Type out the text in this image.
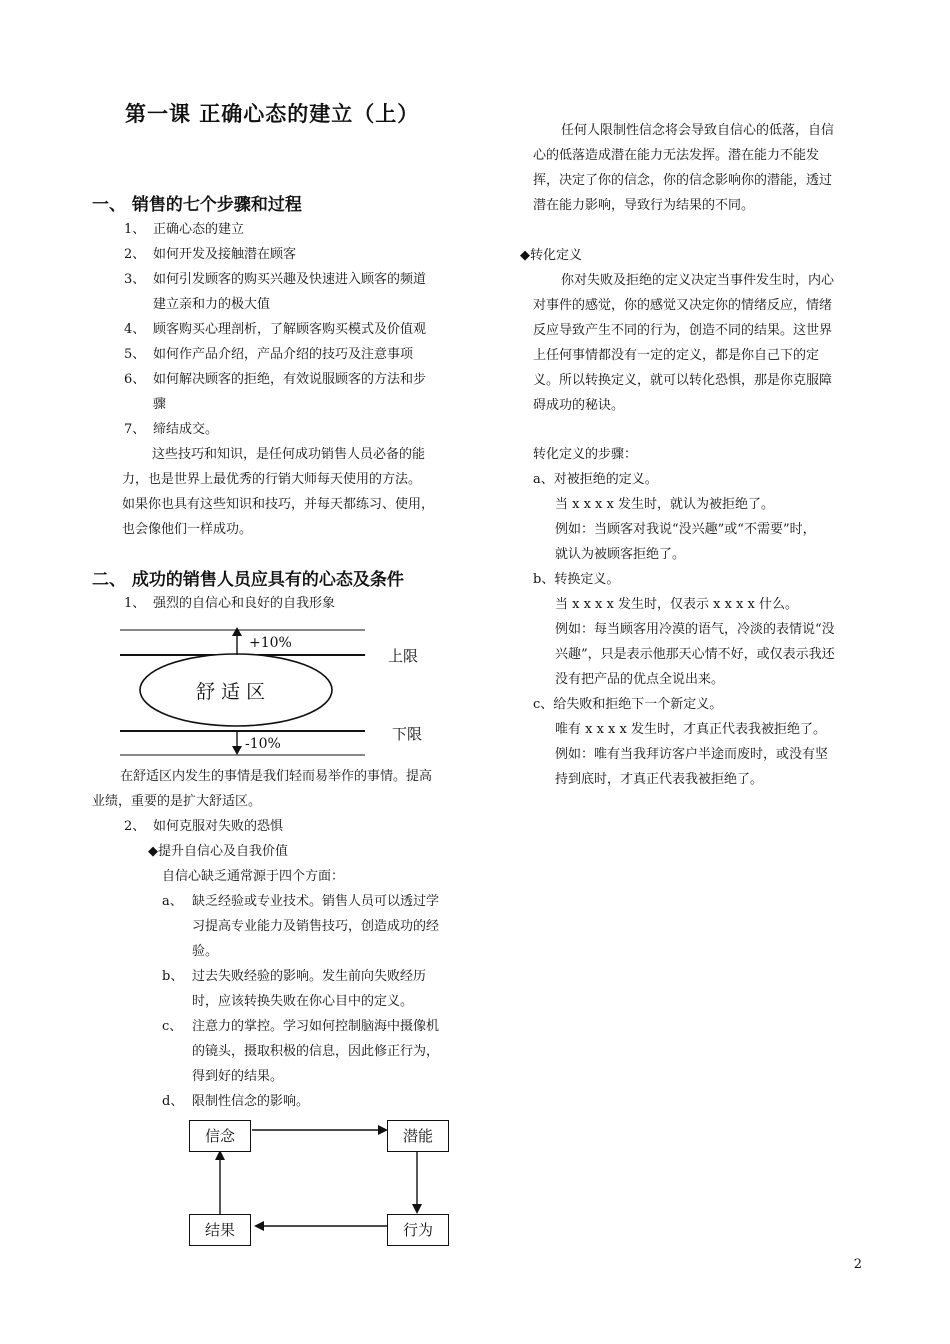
第一课 正确心态的建立（上）
一、 销售的七个步骤和过程
1、 正确心态的建立
2、 如何开发及接触潜在顾客
3、 如何引发顾客的购买兴趣及快速进入顾客的频道
建立亲和力的极大值
4、 顾客购买心理剖析，了解顾客购买模式及价值观
5、 如何作产品介绍，产品介绍的技巧及注意事项
6、 如何解决顾客的拒绝，有效说服顾客的方法和步
骤
7、 缔结成交。
这些技巧和知识，是任何成功销售人员必备的能
力，也是世界上最优秀的行销大师每天使用的方法。
如果你也具有这些知识和技巧，并每天都练习、使用，
也会像他们一样成功。
二、 成功的销售人员应具有的心态及条件
1、 强烈的自信心和良好的自我形象
+10%
-10%
舒 适 区
上限
下限
在舒适区内发生的事情是我们轻而易举作的事情。提高
业绩，重要的是扩大舒适区。
2、 如何克服对失败的恐惧
◆提升自信心及自我价值
自信心缺乏通常源于四个方面：
a、 缺乏经验或专业技术。销售人员可以透过学
习提高专业能力及销售技巧，创造成功的经
验。
b、 过去失败经验的影响。发生前向失败经历
时，应该转换失败在你心目中的定义。
c、 注意力的掌控。学习如何控制脑海中摄像机
的镜头，摄取积极的信息，因此修正行为，
得到好的结果。
d、 限制性信念的影响。
信念	潜能
行为
结果
任何人限制性信念将会导致自信心的低落，自信
心的低落造成潜在能力无法发挥。潜在能力不能发
挥，决定了你的信念，你的信念影响你的潜能，透过
潜在能力影响，导致行为结果的不同。
◆转化定义
你对失败及拒绝的定义决定当事件发生时，内心
对事件的感觉，你的感觉又决定你的情绪反应，情绪
反应导致产生不同的行为，创造不同的结果。这世界
上任何事情都没有一定的定义，都是你自己下的定
义。所以转换定义，就可以转化恐惧，那是你克服障
碍成功的秘诀。
转化定义的步骤：
a、对被拒绝的定义。
当 x x x x 发生时，就认为被拒绝了。
例如：当顾客对我说“没兴趣”或“不需要”时，
就认为被顾客拒绝了。
b、转换定义。
当 x x x x 发生时，仅表示 x x x x 什么。
例如：每当顾客用冷漠的语气，冷淡的表情说“没
兴趣”，只是表示他那天心情不好，或仅表示我还
没有把产品的优点全说出来。
c、给失败和拒绝下一个新定义。
唯有 x x x x 发生时，才真正代表我被拒绝了。
例如：唯有当我拜访客户半途而废时，或没有坚
持到底时，才真正代表我被拒绝了。
2
